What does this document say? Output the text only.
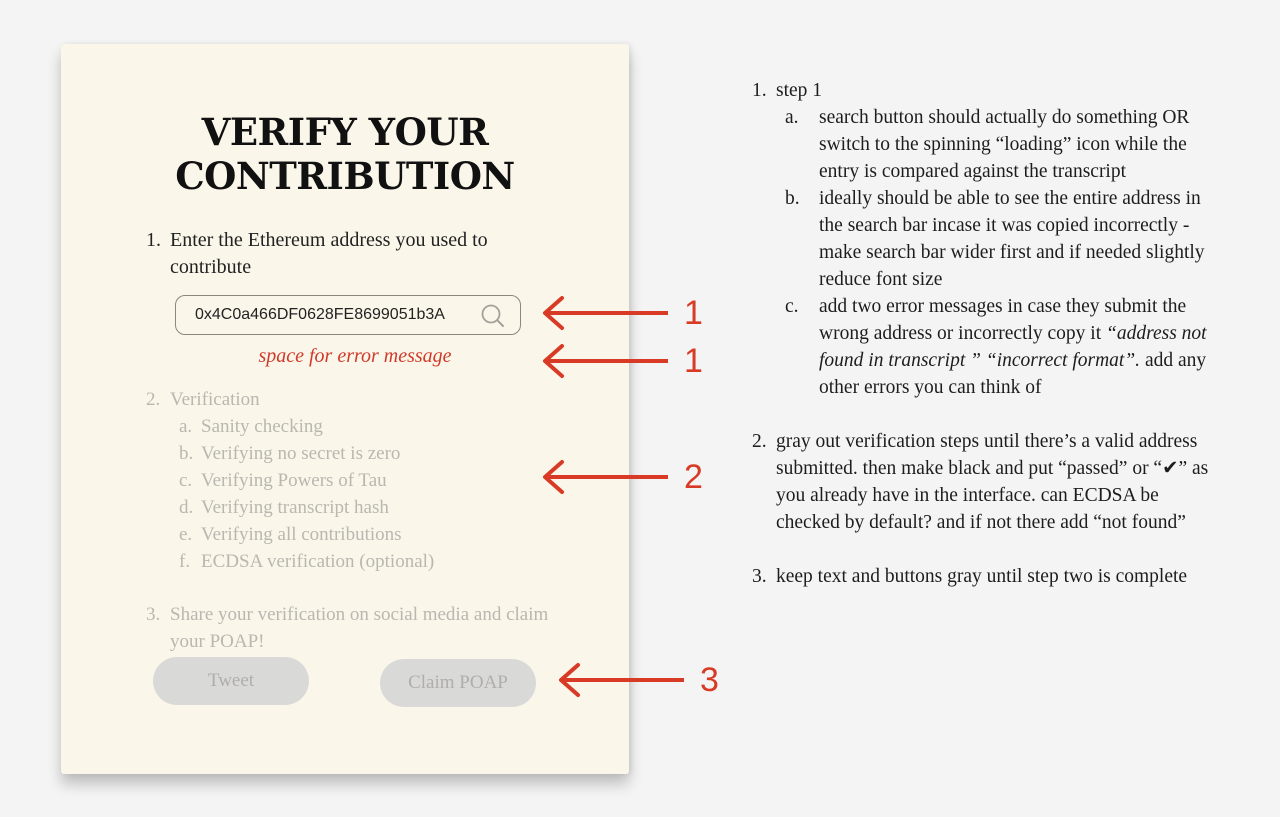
VERIFY YOUR
CONTRIBUTION
1. Enter the Ethereum address you used to contribute
0x4C0a466DF0628FE8699051b3A
space for error message
2. Verification
a. Sanity checking
b. Verifying no secret is zero
c. Verifying Powers of Tau
d. Verifying transcript hash
e. Verifying all contributions
f. ECDSA verification (optional)
3. Share your verification on social media and claim your POAP!
Tweet	Claim POAP
1
1
2
3
1. step 1
a. search button should actually do something OR switch to the spinning “loading” icon while the entry is compared against the transcript
b. ideally should be able to see the entire address in the search bar incase it was copied incorrectly - make search bar wider first and if needed slightly reduce font size
c. add two error messages in case they submit the wrong address or incorrectly copy it “address not found in transcript ” “incorrect format”. add any other errors you can think of
2. gray out verification steps until there’s a valid address submitted. then make black and put “passed” or “✔” as you already have in the interface. can ECDSA be checked by default? and if not there add “not found”
3. keep text and buttons gray until step two is complete
